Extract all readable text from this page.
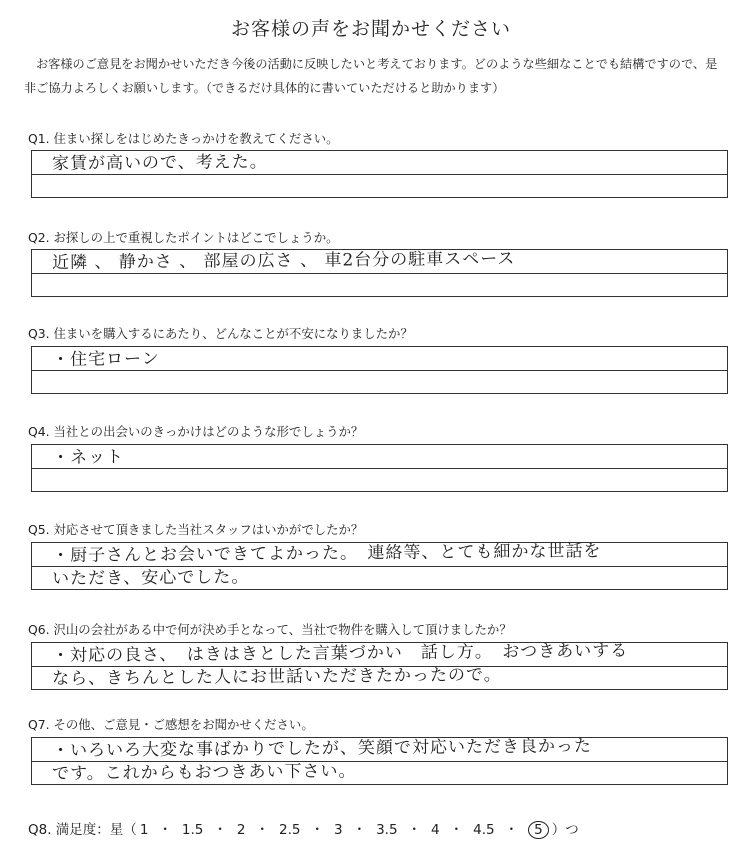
お客様の声をお聞かせください
お客様のご意見をお聞かせいただき今後の活動に反映したいと考えております。どのような些細なことでも結構ですので、是非ご協力よろしくお願いします。（できるだけ具体的に書いていただけると助かります）
Q1. 住まい探しをはじめたきっかけを教えてください。
家賃が高いので、考えた。
Q2. お探しの上で重視したポイントはどこでしょうか。
近隣 、 静かさ 、 部屋の広さ 、 車2台分の駐車スペース
Q3. 住まいを購入するにあたり、どんなことが不安になりましたか？
・住宅ローン
Q4. 当社との出会いのきっかけはどのような形でしょうか？
・ネット
Q5. 対応させて頂きました当社スタッフはいかがでしたか？
・厨子さんとお会いできてよかった。　連絡等、とても細かな世話を
いただき、安心でした。
Q6. 沢山の会社がある中で何が決め手となって、当社で物件を購入して頂けましたか？
・対応の良さ、　はきはきとした言葉づかい　話し方。　おつきあいする
なら、きちんとした人にお世話いただきたかったので。
Q7. その他、ご意見・ご感想をお聞かせください。
・いろいろ大変な事ばかりでしたが、笑顔で対応いただき良かった
です。これからもおつきあい下さい。
Q8. 満足度：星（ 1 ・ 1.5 ・ 2 ・ 2.5 ・ 3 ・ 3.5 ・ 4 ・ 4.5 ・ 5 ）つ
